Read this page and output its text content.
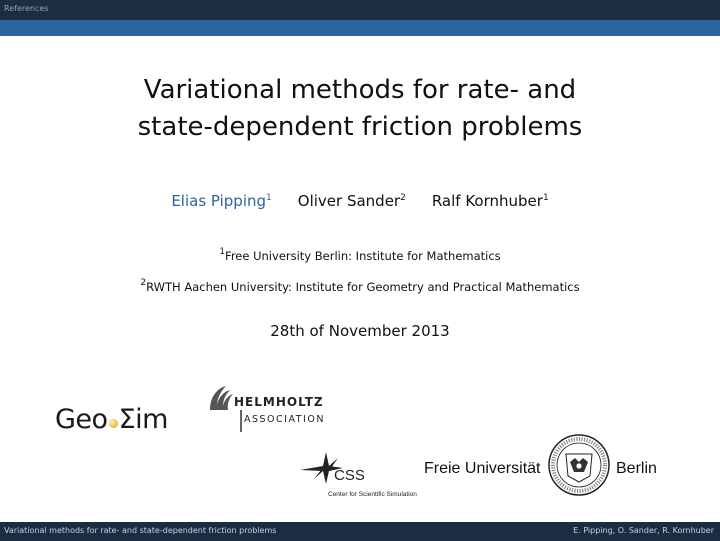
References
Variational methods for rate- and
state-dependent friction problems
Elias Pipping$^1$ Oliver Sander$^2$ Ralf Kornhuber$^1$
$^1$Free University Berlin: Institute for Mathematics
$^2$RWTH Aachen University: Institute for Geometry and Practical Mathematics
28th of November 2013
Geo Σim
HELMHOLTZ
ASSOCIATION
CSS
Center for Scientific Simulation
Freie Universität	Berlin
Variational methods for rate- and state-dependent friction problems	E. Pipping, O. Sander, R. Kornhuber
